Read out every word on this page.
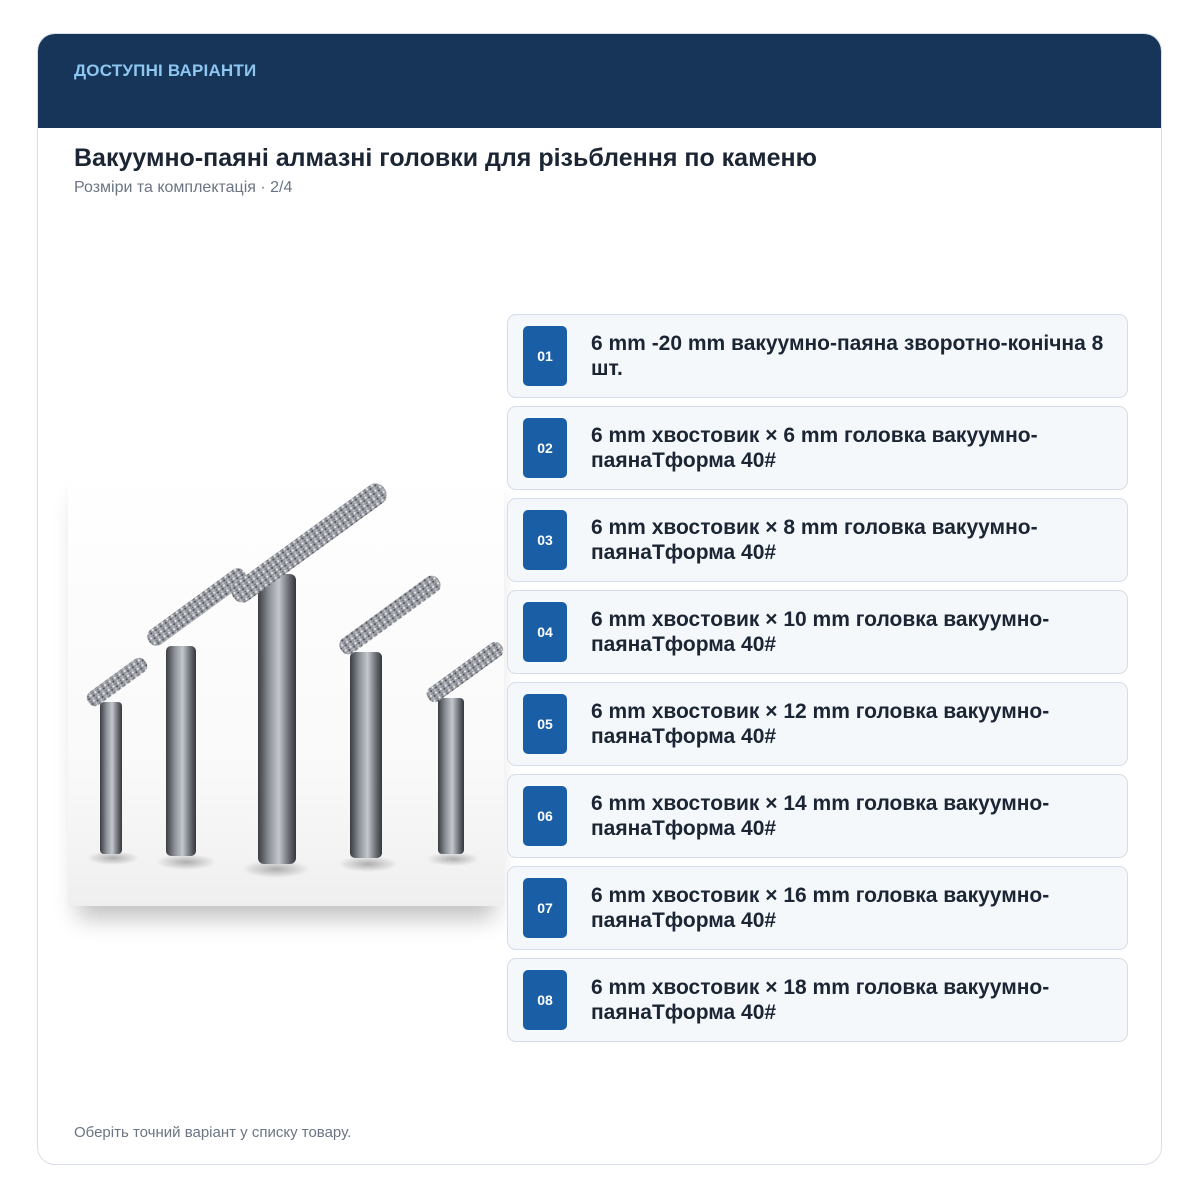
ДОСТУПНІ ВАРІАНТИ
Вакуумно-паяні алмазні головки для різьблення по каменю
Розміри та комплектація · 2/4
01
6 mm -20 mm вакуумно-паяна зворотно-конічна 8 шт.
02
6 mm хвостовик × 6 mm головка вакуумно-паянаТформа 40#
03
6 mm хвостовик × 8 mm головка вакуумно-паянаТформа 40#
04
6 mm хвостовик × 10 mm головка вакуумно-паянаТформа 40#
05
6 mm хвостовик × 12 mm головка вакуумно-паянаТформа 40#
06
6 mm хвостовик × 14 mm головка вакуумно-паянаТформа 40#
07
6 mm хвостовик × 16 mm головка вакуумно-паянаТформа 40#
08
6 mm хвостовик × 18 mm головка вакуумно-паянаТформа 40#
Оберіть точний варіант у списку товару.
